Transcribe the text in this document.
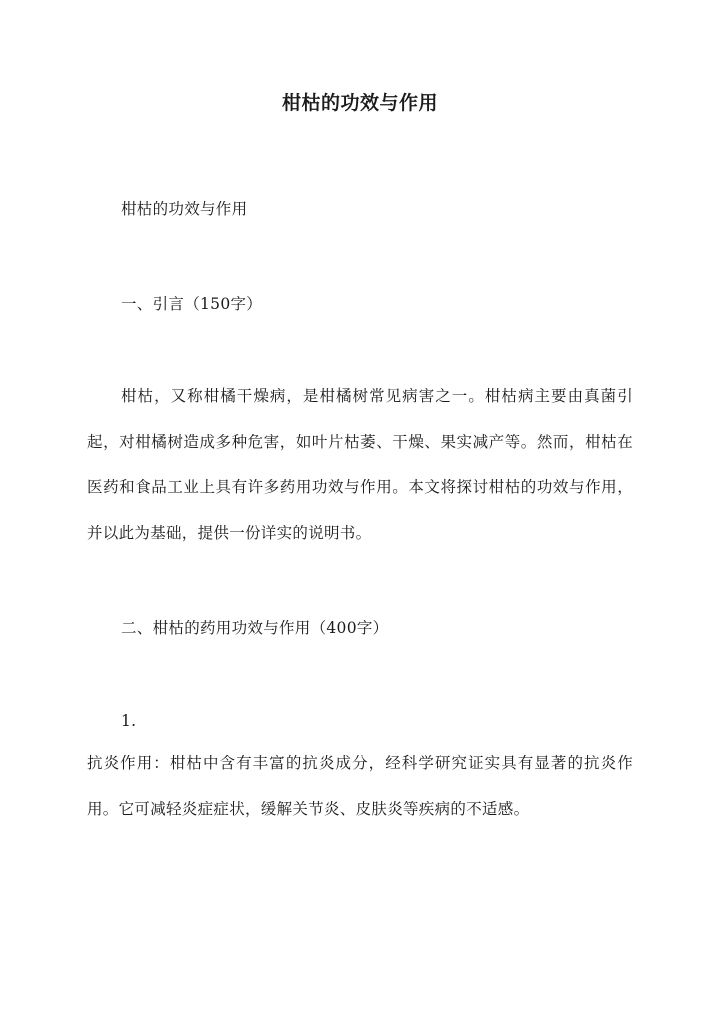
柑枯的功效与作用
柑枯的功效与作用
一、引言（150字）
柑枯，又称柑橘干燥病，是柑橘树常见病害之一。柑枯病主要由真菌引起，对柑橘树造成多种危害，如叶片枯萎、干燥、果实减产等。然而，柑枯在医药和食品工业上具有许多药用功效与作用。本文将探讨柑枯的功效与作用，并以此为基础，提供一份详实的说明书。
二、柑枯的药用功效与作用（400字）
1.
抗炎作用：柑枯中含有丰富的抗炎成分，经科学研究证实具有显著的抗炎作用。它可减轻炎症症状，缓解关节炎、皮肤炎等疾病的不适感。
